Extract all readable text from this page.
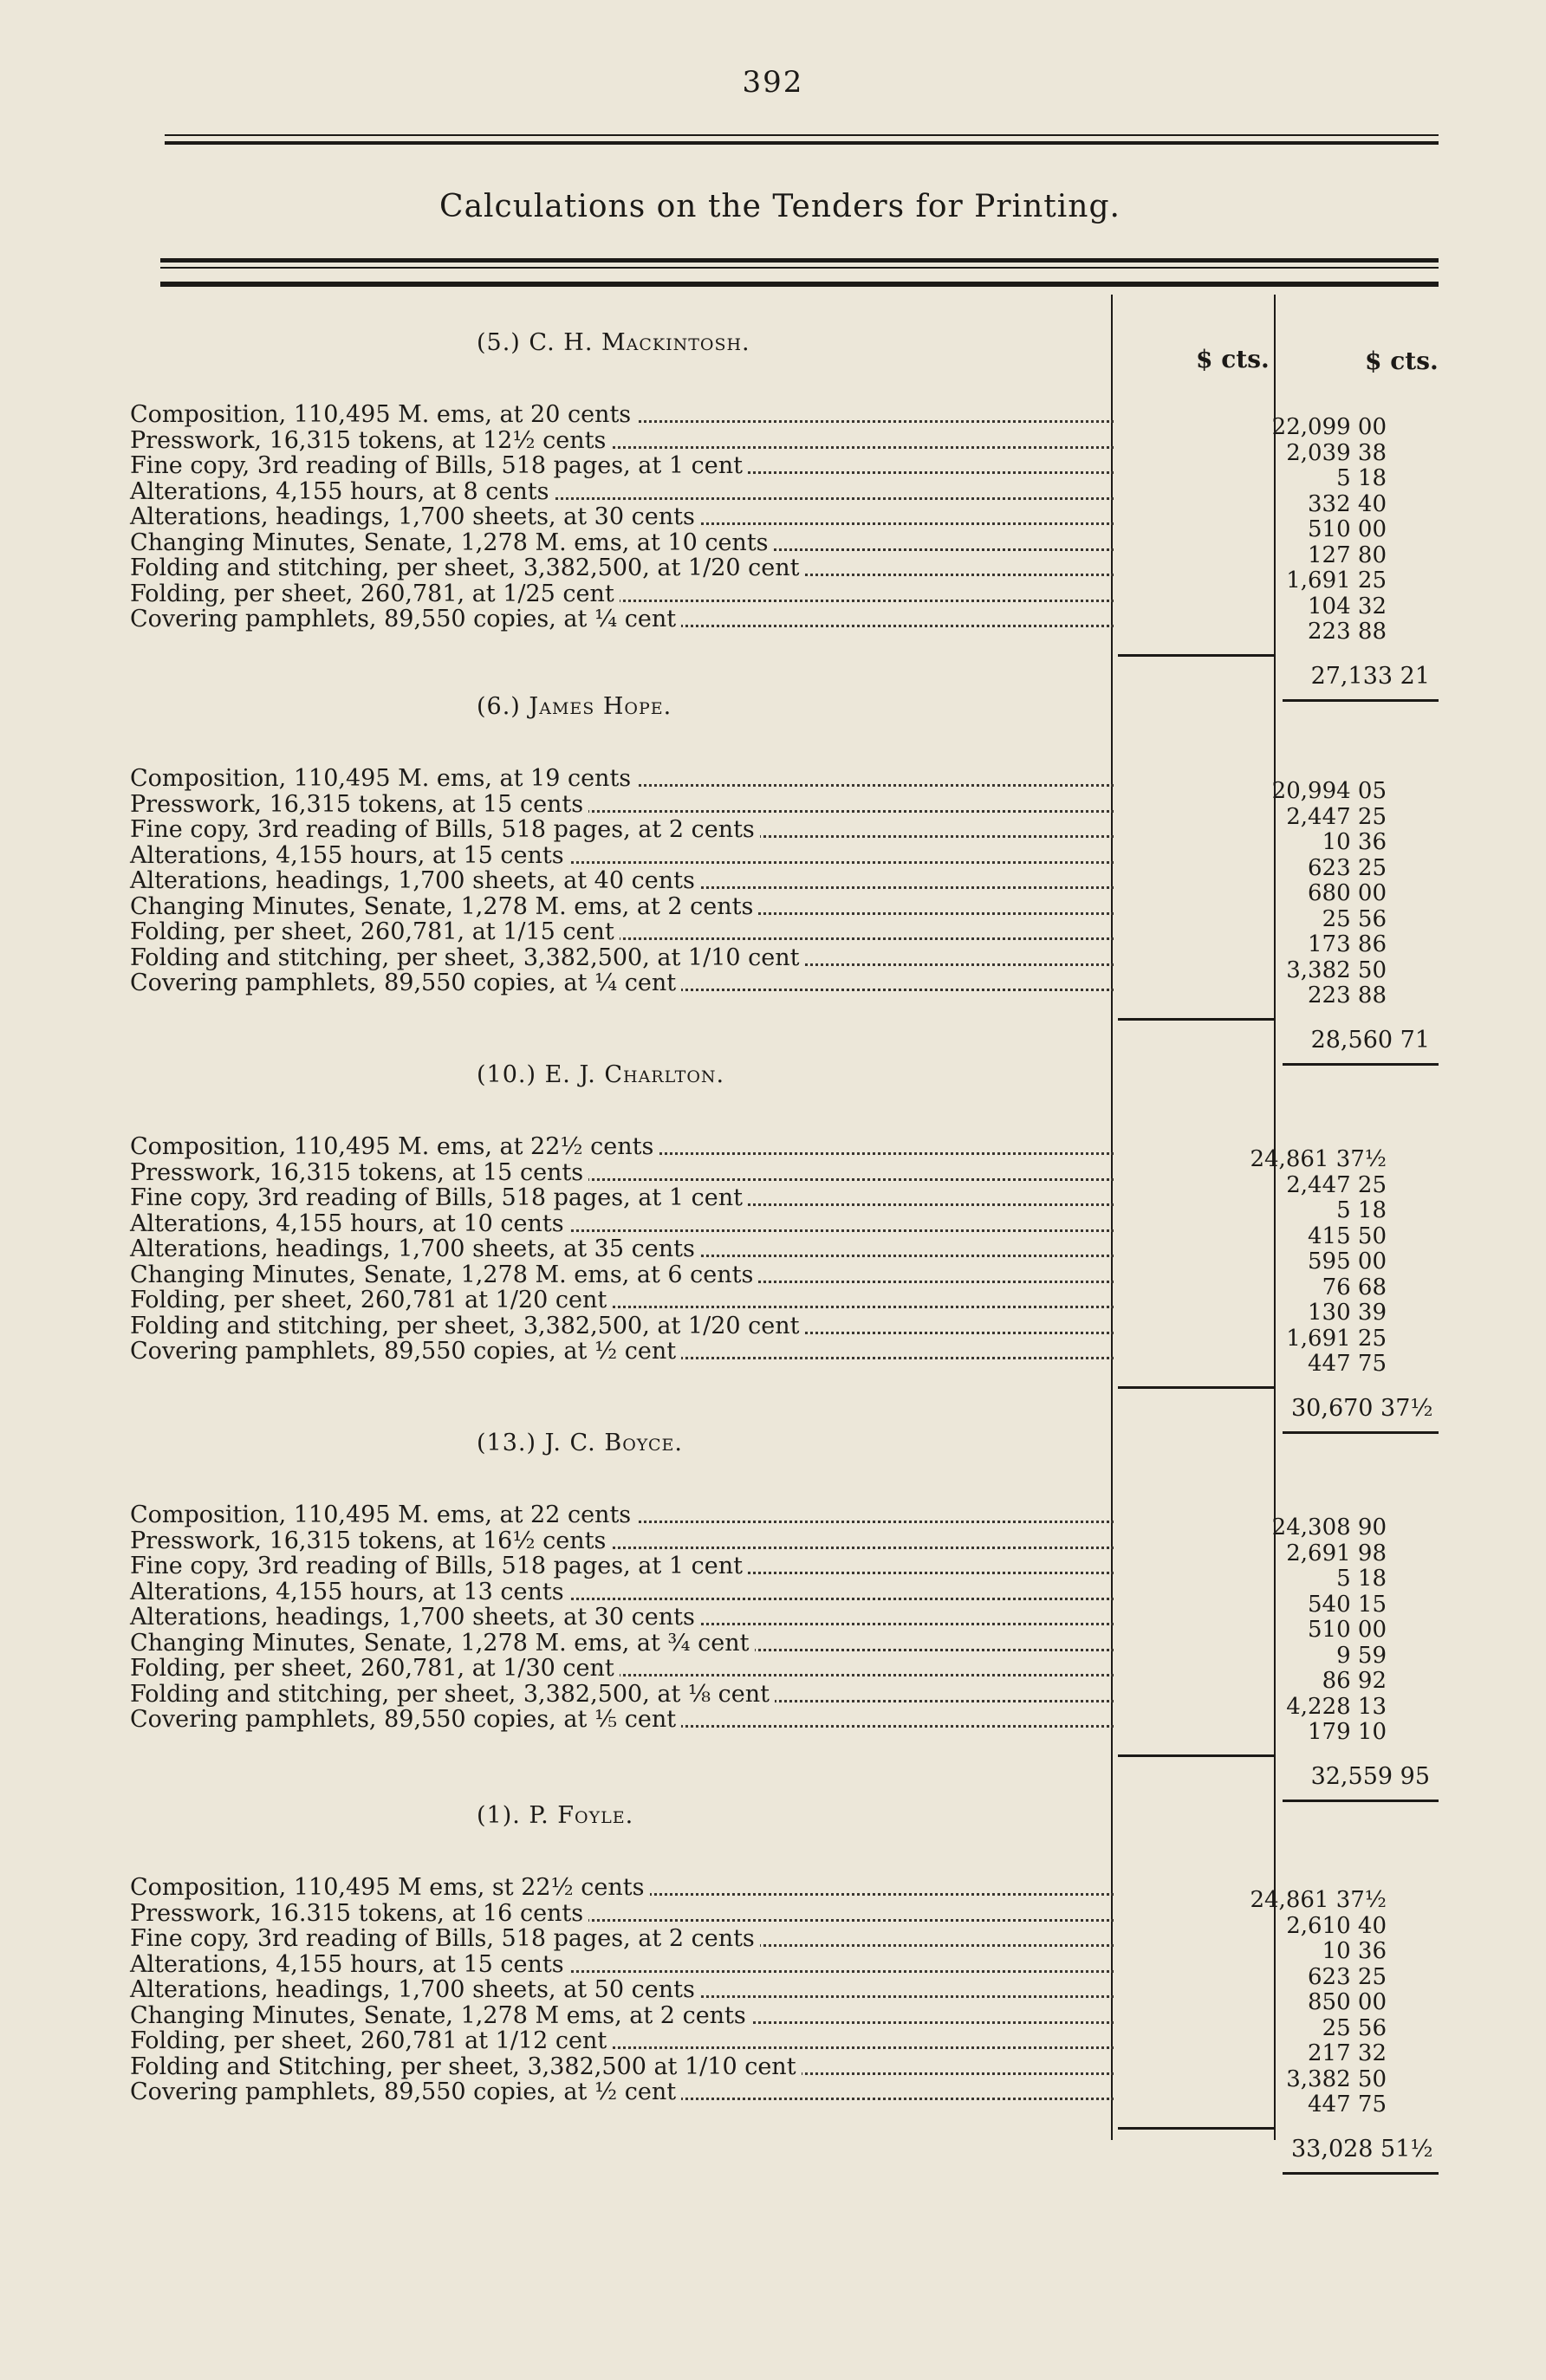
392
Calculations on the Tenders for Printing.
$ cts.	$ cts.
(5.) C. H. Mackintosh.
Composition, 110,495 M. ems, at 20 cents	22,099 00
Presswork, 16,315 tokens, at 12½ cents	2,039 38
Fine copy, 3rd reading of Bills, 518 pages, at 1 cent	5 18
Alterations, 4,155 hours, at 8 cents	332 40
Alterations, headings, 1,700 sheets, at 30 cents	510 00
Changing Minutes, Senate, 1,278 M. ems, at 10 cents	127 80
Folding and stitching, per sheet, 3,382,500, at 1/20 cent	1,691 25
Folding, per sheet, 260,781, at 1/25 cent	104 32
Covering pamphlets, 89,550 copies, at ¼ cent	223 88
27,133 21
(6.) James Hope.
Composition, 110,495 M. ems, at 19 cents	20,994 05
Presswork, 16,315 tokens, at 15 cents	2,447 25
Fine copy, 3rd reading of Bills, 518 pages, at 2 cents	10 36
Alterations, 4,155 hours, at 15 cents	623 25
Alterations, headings, 1,700 sheets, at 40 cents	680 00
Changing Minutes, Senate, 1,278 M. ems, at 2 cents	25 56
Folding, per sheet, 260,781, at 1/15 cent	173 86
Folding and stitching, per sheet, 3,382,500, at 1/10 cent	3,382 50
Covering pamphlets, 89,550 copies, at ¼ cent	223 88
28,560 71
(10.) E. J. Charlton.
Composition, 110,495 M. ems, at 22½ cents	24,861 37½
Presswork, 16,315 tokens, at 15 cents	2,447 25
Fine copy, 3rd reading of Bills, 518 pages, at 1 cent	5 18
Alterations, 4,155 hours, at 10 cents	415 50
Alterations, headings, 1,700 sheets, at 35 cents	595 00
Changing Minutes, Senate, 1,278 M. ems, at 6 cents	76 68
Folding, per sheet, 260,781 at 1/20 cent	130 39
Folding and stitching, per sheet, 3,382,500, at 1/20 cent	1,691 25
Covering pamphlets, 89,550 copies, at ½ cent	447 75
30,670 37½
(13.) J. C. Boyce.
Composition, 110,495 M. ems, at 22 cents	24,308 90
Presswork, 16,315 tokens, at 16½ cents	2,691 98
Fine copy, 3rd reading of Bills, 518 pages, at 1 cent	5 18
Alterations, 4,155 hours, at 13 cents	540 15
Alterations, headings, 1,700 sheets, at 30 cents	510 00
Changing Minutes, Senate, 1,278 M. ems, at ¾ cent	9 59
Folding, per sheet, 260,781, at 1/30 cent	86 92
Folding and stitching, per sheet, 3,382,500, at ⅛ cent	4,228 13
Covering pamphlets, 89,550 copies, at ⅕ cent	179 10
32,559 95
(1). P. Foyle.
Composition, 110,495 M ems, st 22½ cents	24,861 37½
Presswork, 16.315 tokens, at 16 cents	2,610 40
Fine copy, 3rd reading of Bills, 518 pages, at 2 cents	10 36
Alterations, 4,155 hours, at 15 cents	623 25
Alterations, headings, 1,700 sheets, at 50 cents	850 00
Changing Minutes, Senate, 1,278 M ems, at 2 cents	25 56
Folding, per sheet, 260,781 at 1/12 cent	217 32
Folding and Stitching, per sheet, 3,382,500 at 1/10 cent	3,382 50
Covering pamphlets, 89,550 copies, at ½ cent	447 75
33,028 51½
